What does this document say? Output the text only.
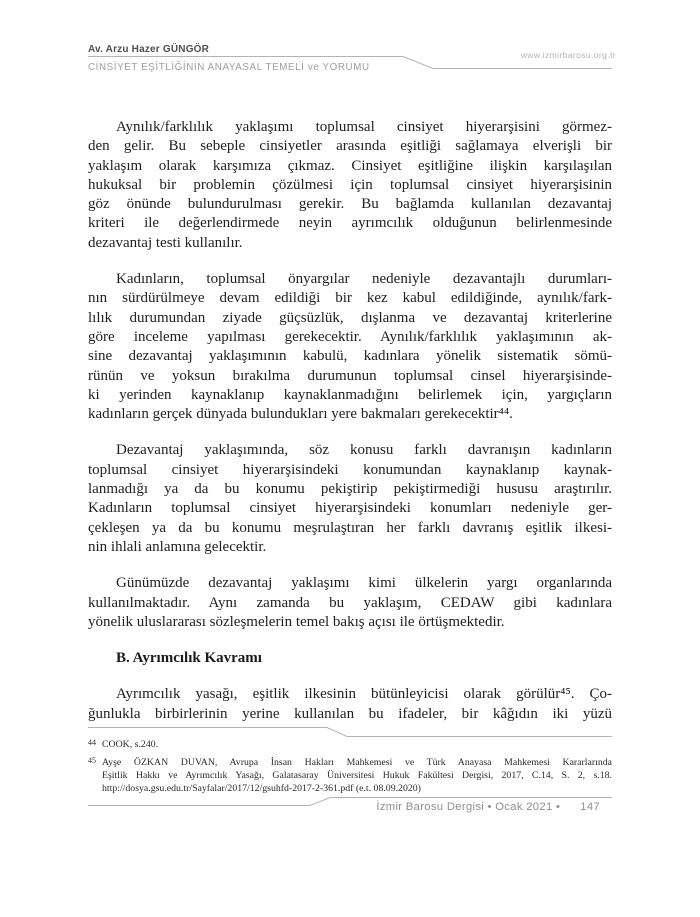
Av. Arzu Hazer GÜNGÖR	www.izmirbarosu.org.tr
CİNSİYET EŞİTLİĞİNİN ANAYASAL TEMELİ ve YORUMU
Aynılık/farklılık yaklaşımı toplumsal cinsiyet hiyerarşisini görmez-
den gelir. Bu sebeple cinsiyetler arasında eşitliği sağlamaya elverişli bir
yaklaşım olarak karşımıza çıkmaz. Cinsiyet eşitliğine ilişkin karşılaşılan
hukuksal bir problemin çözülmesi için toplumsal cinsiyet hiyerarşisinin
göz önünde bulundurulması gerekir. Bu bağlamda kullanılan dezavantaj
kriteri ile değerlendirmede neyin ayrımcılık olduğunun belirlenmesinde
dezavantaj testi kullanılır.
Kadınların, toplumsal önyargılar nedeniyle dezavantajlı durumları-
nın sürdürülmeye devam edildiği bir kez kabul edildiğinde, aynılık/fark-
lılık durumundan ziyade güçsüzlük, dışlanma ve dezavantaj kriterlerine
göre inceleme yapılması gerekecektir. Aynılık/farklılık yaklaşımının ak-
sine dezavantaj yaklaşımının kabulü, kadınlara yönelik sistematik sömü-
rünün ve yoksun bırakılma durumunun toplumsal cinsel hiyerarşisinde-
ki yerinden kaynaklanıp kaynaklanmadığını belirlemek için, yargıçların
kadınların gerçek dünyada bulundukları yere bakmaları gerekecektir⁴⁴.
Dezavantaj yaklaşımında, söz konusu farklı davranışın kadınların
toplumsal cinsiyet hiyerarşisindeki konumundan kaynaklanıp kaynak-
lanmadığı ya da bu konumu pekiştirip pekiştirmediği hususu araştırılır.
Kadınların toplumsal cinsiyet hiyerarşisindeki konumları nedeniyle ger-
çekleşen ya da bu konumu meşrulaştıran her farklı davranış eşitlik ilkesi-
nin ihlali anlamına gelecektir.
Günümüzde dezavantaj yaklaşımı kimi ülkelerin yargı organlarında
kullanılmaktadır. Aynı zamanda bu yaklaşım, CEDAW gibi kadınlara
yönelik uluslararası sözleşmelerin temel bakış açısı ile örtüşmektedir.
B. Ayrımcılık Kavramı
Ayrımcılık yasağı, eşitlik ilkesinin bütünleyicisi olarak görülür⁴⁵. Ço-
ğunlukla birbirlerinin yerine kullanılan bu ifadeler, bir kâğıdın iki yüzü
44 COOK, s.240.
45 Ayşe ÖZKAN DUVAN, Avrupa İnsan Hakları Mahkemesi ve Türk Anayasa Mahkemesi Kararlarında
Eşitlik Hakkı ve Ayrımcılık Yasağı, Galatasaray Üniversitesi Hukuk Fakültesi Dergisi, 2017, C.14, S. 2, s.18.
http://dosya.gsu.edu.tr/Sayfalar/2017/12/gsuhfd-2017-2-361.pdf (e.t. 08.09.2020)
İzmir Barosu Dergisi • Ocak 2021 • 147
